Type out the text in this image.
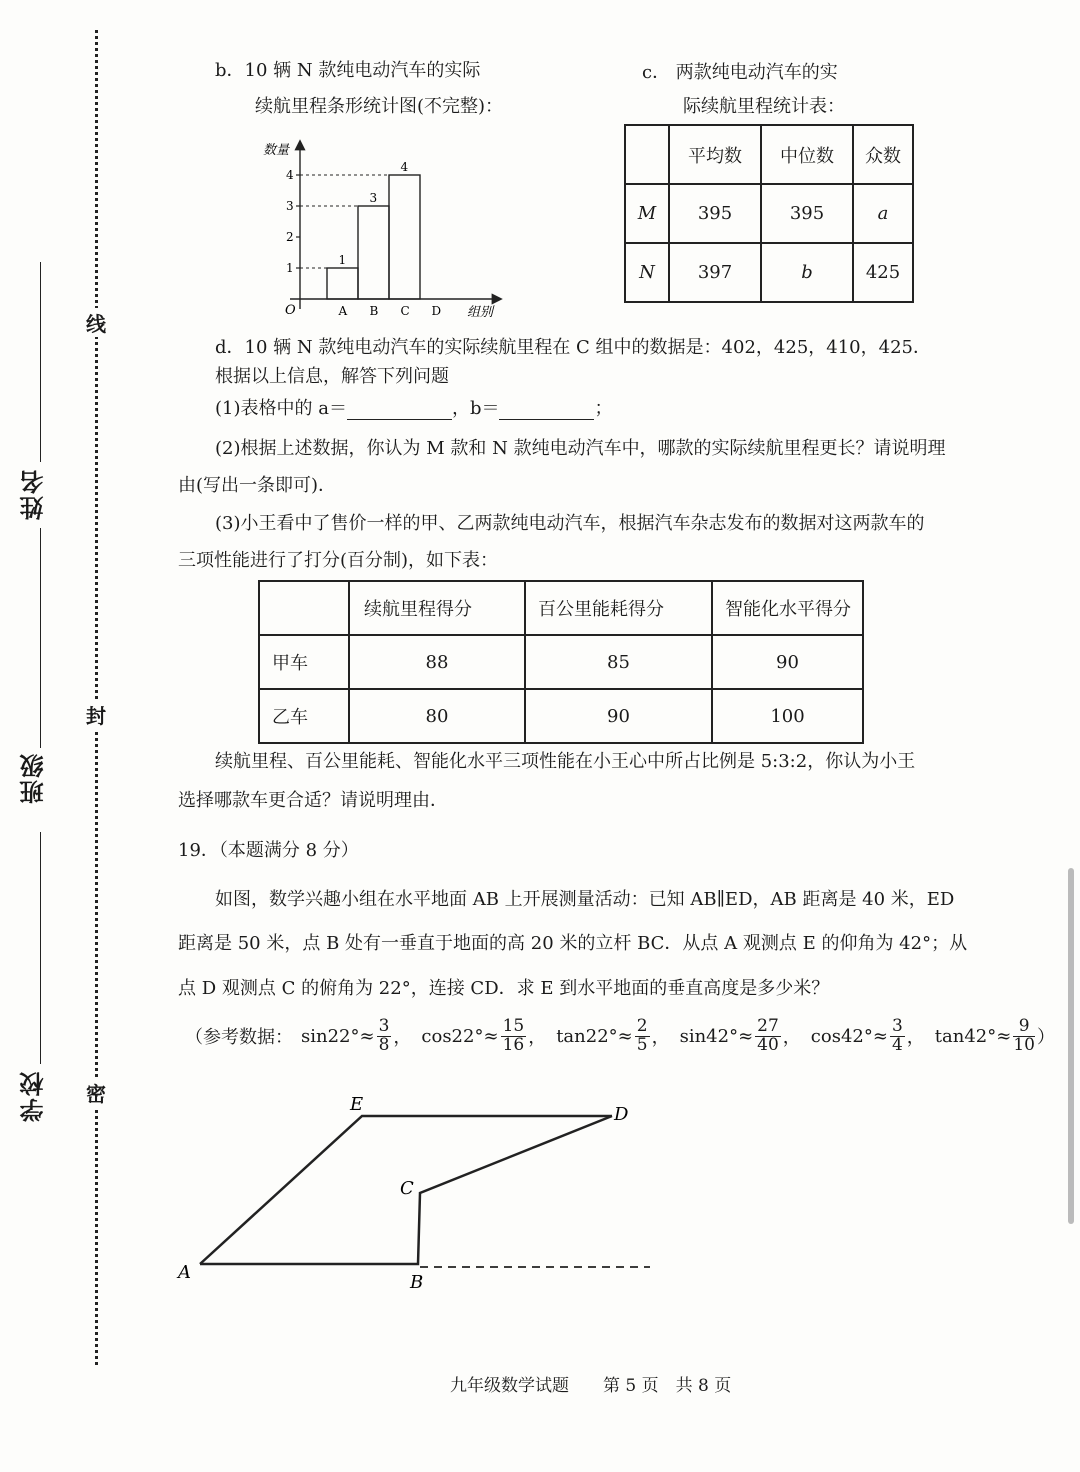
线
封
密
姓名
班级
学校
b．10 辆 N 款纯电动汽车的实际
续航里程条形统计图(不完整)：
数量
组别
O
1
2
3
4
A
1
B
3
C
4
D
c． 两款纯电动汽车的实
际续航里程统计表：
	平均数	中位数	众数
M	395	395	a
N	397	b	425
d．10 辆 N 款纯电动汽车的实际续航里程在 C 组中的数据是：402，425，410，425．
根据以上信息，解答下列问题
(1)表格中的 a＝	，b＝	；
(2)根据上述数据，你认为 M 款和 N 款纯电动汽车中，哪款的实际续航里程更长？请说明理
由(写出一条即可)．
(3)小王看中了售价一样的甲、乙两款纯电动汽车，根据汽车杂志发布的数据对这两款车的
三项性能进行了打分(百分制)，如下表：
	续航里程得分	百公里能耗得分	智能化水平得分
甲车	88	85	90
乙车	80	90	100
续航里程、百公里能耗、智能化水平三项性能在小王心中所占比例是 5:3:2，你认为小王
选择哪款车更合适？请说明理由．
19．（本题满分 8 分）
如图，数学兴趣小组在水平地面 AB 上开展测量活动：已知 AB∥ED，AB 距离是 40 米，ED
距离是 50 米，点 B 处有一垂直于地面的高 20 米的立杆 BC．从点 A 观测点 E 的仰角为 42°；从
点 D 观测点 C 的俯角为 22°，连接 CD．求 E 到水平地面的垂直高度是多少米？
（参考数据： $\sin 22^\circ\approx \frac{3}{8}$ ， $\cos 22^\circ\approx \frac{15}{16}$ ， $\tan 22^\circ\approx \frac{2}{5}$ ， $\sin 42^\circ\approx \frac{27}{40}$ ， $\cos 42^\circ\approx \frac{3}{4}$ ， $\tan 42^\circ\approx \frac{9}{10}$ ）
E	D
C
A	B
九年级数学试题　　第 5 页　共 8 页
